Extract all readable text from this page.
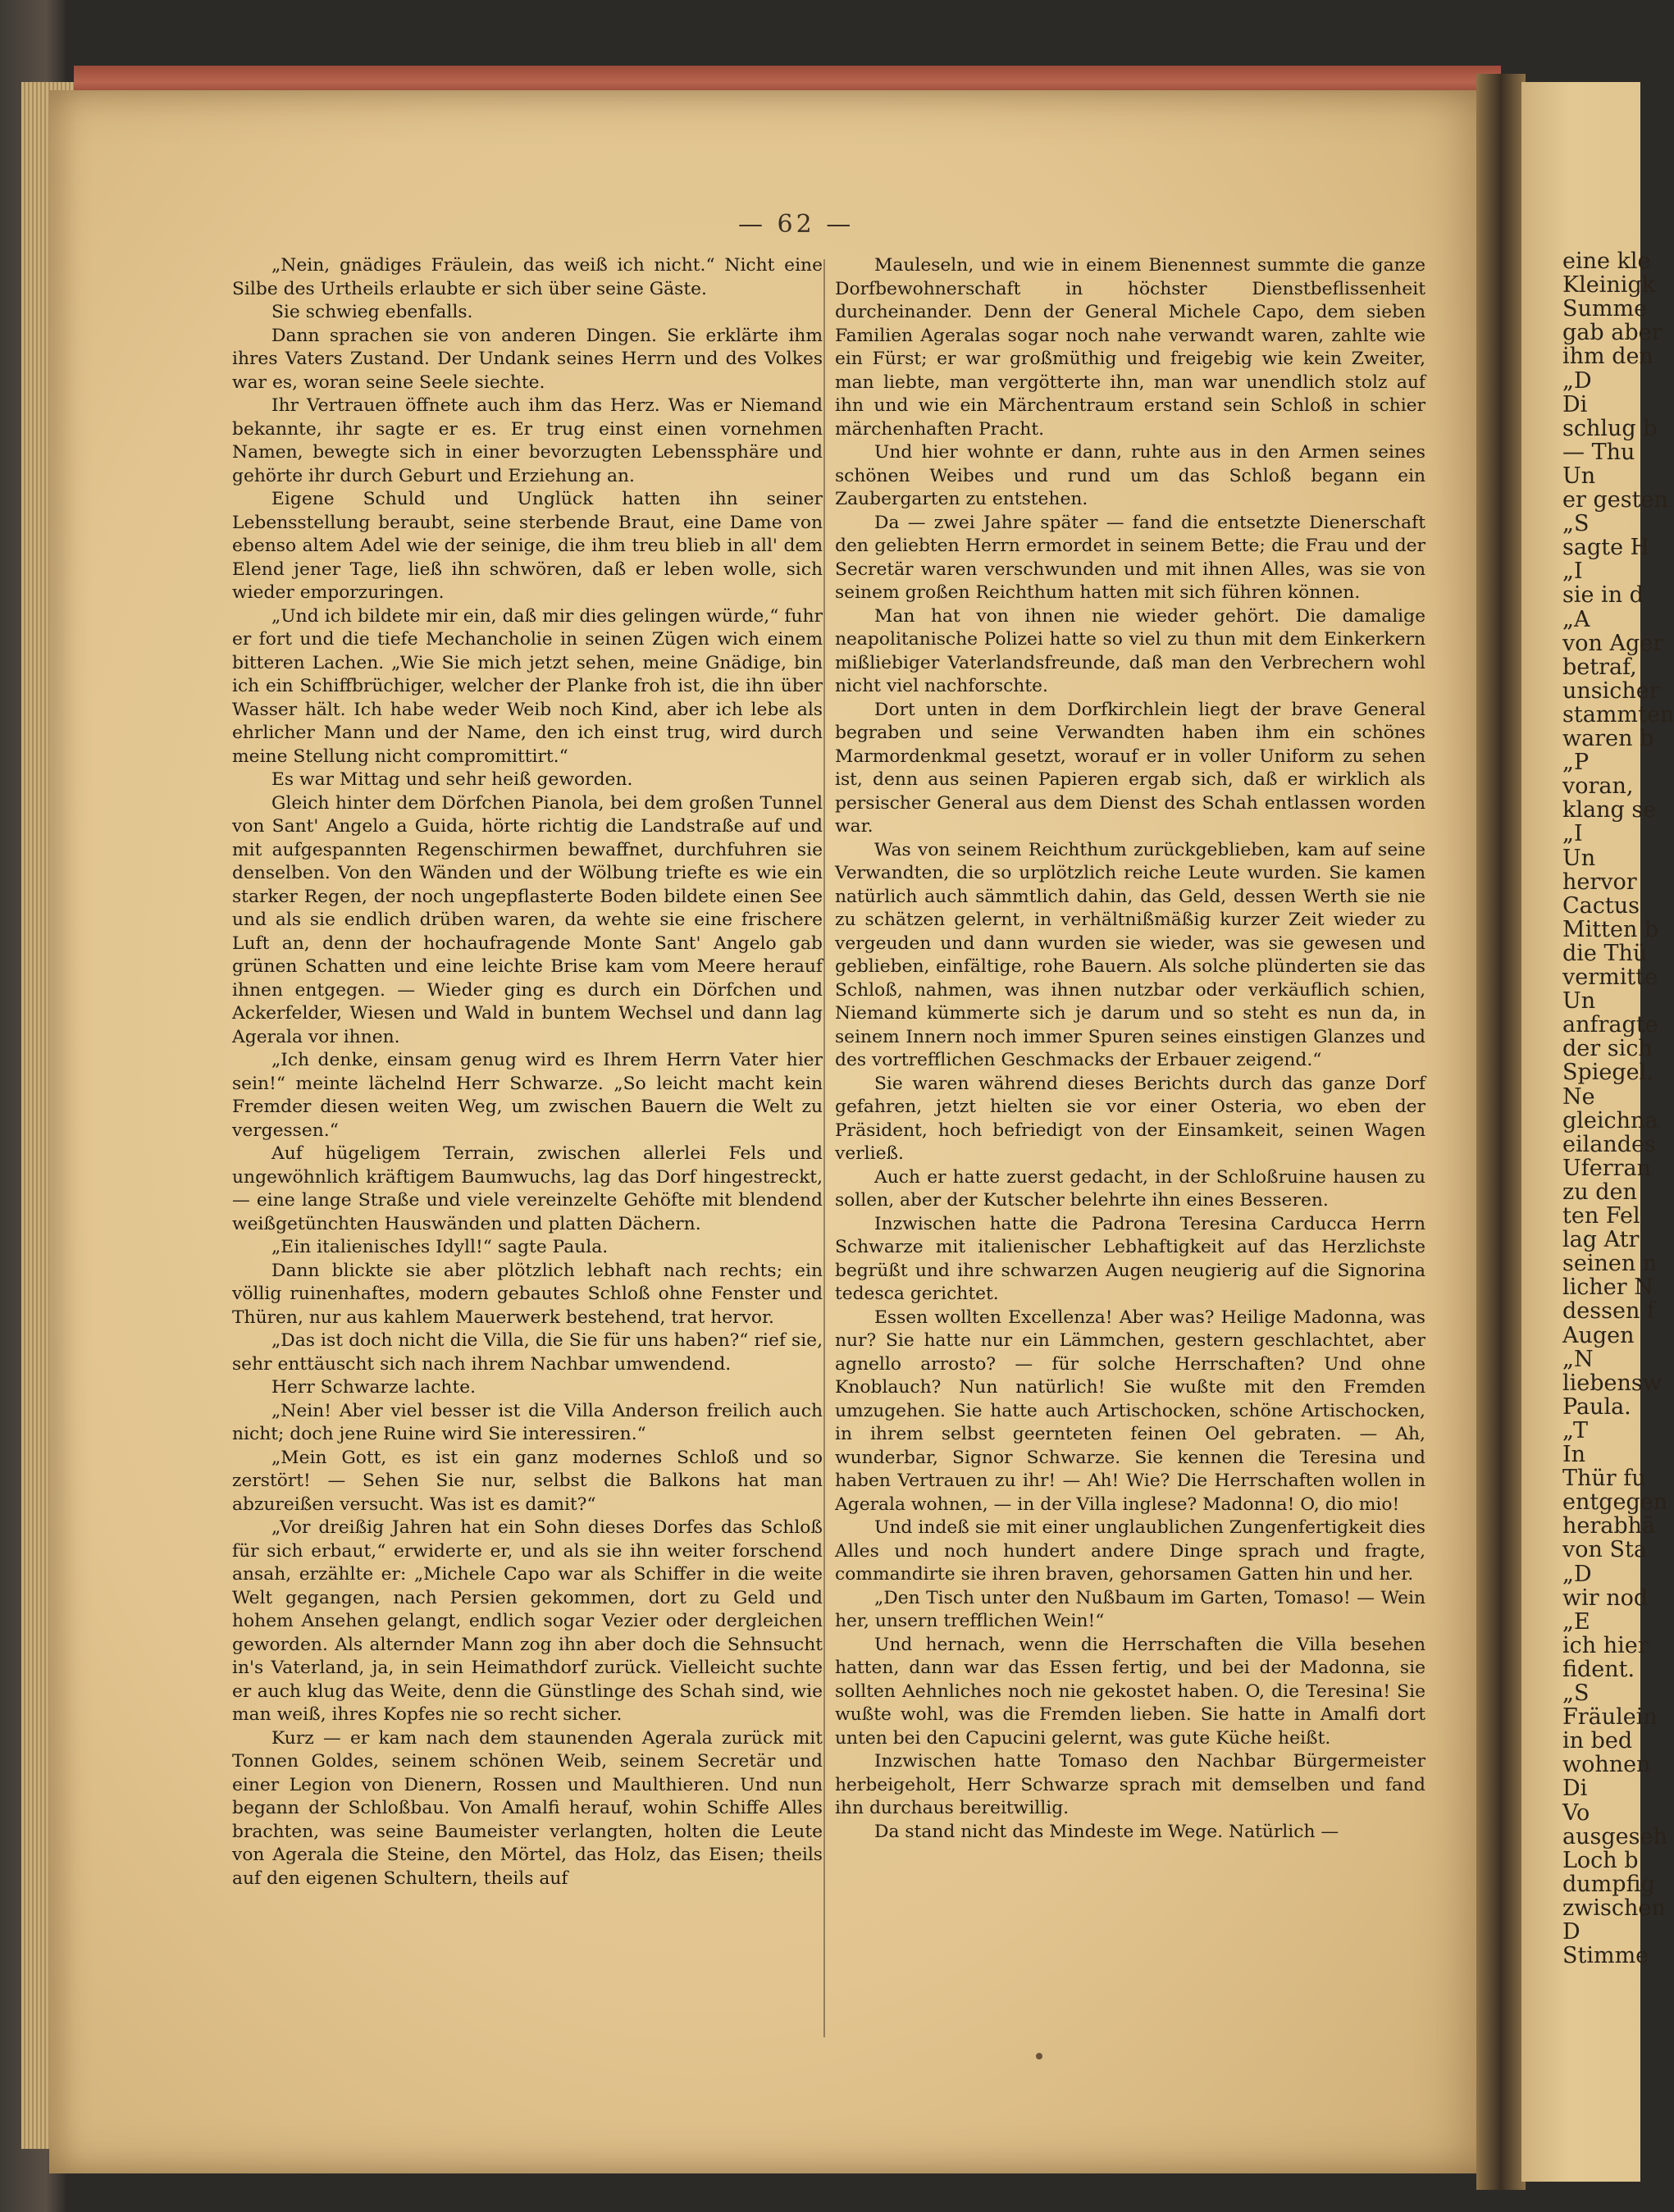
— 62 —

„Nein, gnädiges Fräulein, das weiß ich nicht.“ Nicht eine Silbe des Urtheils erlaubte er sich über seine Gäste.

Sie schwieg ebenfalls.

Dann sprachen sie von anderen Dingen. Sie erklärte ihm ihres Vaters Zustand. Der Undank seines Herrn und des Volkes war es, woran seine Seele siechte.

Ihr Vertrauen öffnete auch ihm das Herz. Was er Niemand bekannte, ihr sagte er es. Er trug einst einen vornehmen Namen, bewegte sich in einer bevorzugten Lebenssphäre und gehörte ihr durch Geburt und Erziehung an.

Eigene Schuld und Unglück hatten ihn seiner Lebensstellung beraubt, seine sterbende Braut, eine Dame von ebenso altem Adel wie der seinige, die ihm treu blieb in all' dem Elend jener Tage, ließ ihn schwören, daß er leben wolle, sich wieder emporzuringen.

„Und ich bildete mir ein, daß mir dies gelingen würde,“ fuhr er fort und die tiefe Mechancholie in seinen Zügen wich einem bitteren Lachen. „Wie Sie mich jetzt sehen, meine Gnädige, bin ich ein Schiffbrüchiger, welcher der Planke froh ist, die ihn über Wasser hält. Ich habe weder Weib noch Kind, aber ich lebe als ehrlicher Mann und der Name, den ich einst trug, wird durch meine Stellung nicht compromittirt.“

Es war Mittag und sehr heiß geworden.

Gleich hinter dem Dörfchen Pianola, bei dem großen Tunnel von Sant' Angelo a Guida, hörte richtig die Landstraße auf und mit aufgespannten Regenschirmen bewaffnet, durchfuhren sie denselben. Von den Wänden und der Wölbung triefte es wie ein starker Regen, der noch ungepflasterte Boden bildete einen See und als sie endlich drüben waren, da wehte sie eine frischere Luft an, denn der hochaufragende Monte Sant' Angelo gab grünen Schatten und eine leichte Brise kam vom Meere herauf ihnen entgegen. — Wieder ging es durch ein Dörfchen und Ackerfelder, Wiesen und Wald in buntem Wechsel und dann lag Agerala vor ihnen.

„Ich denke, einsam genug wird es Ihrem Herrn Vater hier sein!“ meinte lächelnd Herr Schwarze. „So leicht macht kein Fremder diesen weiten Weg, um zwischen Bauern die Welt zu vergessen.“

Auf hügeligem Terrain, zwischen allerlei Fels und ungewöhnlich kräftigem Baumwuchs, lag das Dorf hingestreckt, — eine lange Straße und viele vereinzelte Gehöfte mit blendend weißgetünchten Hauswänden und platten Dächern.

„Ein italienisches Idyll!“ sagte Paula.

Dann blickte sie aber plötzlich lebhaft nach rechts; ein völlig ruinenhaftes, modern gebautes Schloß ohne Fenster und Thüren, nur aus kahlem Mauerwerk bestehend, trat hervor.

„Das ist doch nicht die Villa, die Sie für uns haben?“ rief sie, sehr enttäuscht sich nach ihrem Nachbar umwendend.

Herr Schwarze lachte.

„Nein! Aber viel besser ist die Villa Anderson freilich auch nicht; doch jene Ruine wird Sie interessiren.“

„Mein Gott, es ist ein ganz modernes Schloß und so zerstört! — Sehen Sie nur, selbst die Balkons hat man abzureißen versucht. Was ist es damit?“

„Vor dreißig Jahren hat ein Sohn dieses Dorfes das Schloß für sich erbaut,“ erwiderte er, und als sie ihn weiter forschend ansah, erzählte er: „Michele Capo war als Schiffer in die weite Welt gegangen, nach Persien gekommen, dort zu Geld und hohem Ansehen gelangt, endlich sogar Vezier oder dergleichen geworden. Als alternder Mann zog ihn aber doch die Sehnsucht in's Vaterland, ja, in sein Heimathdorf zurück. Vielleicht suchte er auch klug das Weite, denn die Günstlinge des Schah sind, wie man weiß, ihres Kopfes nie so recht sicher.

Kurz — er kam nach dem staunenden Agerala zurück mit Tonnen Goldes, seinem schönen Weib, seinem Secretär und einer Legion von Dienern, Rossen und Maulthieren. Und nun begann der Schloßbau. Von Amalfi herauf, wohin Schiffe Alles brachten, was seine Baumeister verlangten, holten die Leute von Agerala die Steine, den Mörtel, das Holz, das Eisen; theils auf den eigenen Schultern, theils auf

Mauleseln, und wie in einem Bienennest summte die ganze Dorfbewohnerschaft in höchster Dienstbeflissenheit durcheinander. Denn der General Michele Capo, dem sieben Familien Ageralas sogar noch nahe verwandt waren, zahlte wie ein Fürst; er war großmüthig und freigebig wie kein Zweiter, man liebte, man vergötterte ihn, man war unendlich stolz auf ihn und wie ein Märchentraum erstand sein Schloß in schier märchenhaften Pracht.

Und hier wohnte er dann, ruhte aus in den Armen seines schönen Weibes und rund um das Schloß begann ein Zaubergarten zu entstehen.

Da — zwei Jahre später — fand die entsetzte Dienerschaft den geliebten Herrn ermordet in seinem Bette; die Frau und der Secretär waren verschwunden und mit ihnen Alles, was sie von seinem großen Reichthum hatten mit sich führen können.

Man hat von ihnen nie wieder gehört. Die damalige neapolitanische Polizei hatte so viel zu thun mit dem Einkerkern mißliebiger Vaterlandsfreunde, daß man den Verbrechern wohl nicht viel nachforschte.

Dort unten in dem Dorfkirchlein liegt der brave General begraben und seine Verwandten haben ihm ein schönes Marmordenkmal gesetzt, worauf er in voller Uniform zu sehen ist, denn aus seinen Papieren ergab sich, daß er wirklich als persischer General aus dem Dienst des Schah entlassen worden war.

Was von seinem Reichthum zurückgeblieben, kam auf seine Verwandten, die so urplötzlich reiche Leute wurden. Sie kamen natürlich auch sämmtlich dahin, das Geld, dessen Werth sie nie zu schätzen gelernt, in verhältnißmäßig kurzer Zeit wieder zu vergeuden und dann wurden sie wieder, was sie gewesen und geblieben, einfältige, rohe Bauern. Als solche plünderten sie das Schloß, nahmen, was ihnen nutzbar oder verkäuflich schien, Niemand kümmerte sich je darum und so steht es nun da, in seinem Innern noch immer Spuren seines einstigen Glanzes und des vortrefflichen Geschmacks der Erbauer zeigend.“

Sie waren während dieses Berichts durch das ganze Dorf gefahren, jetzt hielten sie vor einer Osteria, wo eben der Präsident, hoch befriedigt von der Einsamkeit, seinen Wagen verließ.

Auch er hatte zuerst gedacht, in der Schloßruine hausen zu sollen, aber der Kutscher belehrte ihn eines Besseren.

Inzwischen hatte die Padrona Teresina Carducca Herrn Schwarze mit italienischer Lebhaftigkeit auf das Herzlichste begrüßt und ihre schwarzen Augen neugierig auf die Signorina tedesca gerichtet.

Essen wollten Excellenza! Aber was? Heilige Madonna, was nur? Sie hatte nur ein Lämmchen, gestern geschlachtet, aber agnello arrosto? — für solche Herrschaften? Und ohne Knoblauch? Nun natürlich! Sie wußte mit den Fremden umzugehen. Sie hatte auch Artischocken, schöne Artischocken, in ihrem selbst geernteten feinen Oel gebraten. — Ah, wunderbar, Signor Schwarze. Sie kennen die Teresina und haben Vertrauen zu ihr! — Ah! Wie? Die Herrschaften wollen in Agerala wohnen, — in der Villa inglese? Madonna! O, dio mio!

Und indeß sie mit einer unglaublichen Zungenfertigkeit dies Alles und noch hundert andere Dinge sprach und fragte, commandirte sie ihren braven, gehorsamen Gatten hin und her.

„Den Tisch unter den Nußbaum im Garten, Tomaso! — Wein her, unsern trefflichen Wein!“

Und hernach, wenn die Herrschaften die Villa besehen hatten, dann war das Essen fertig, und bei der Madonna, sie sollten Aehnliches noch nie gekostet haben. O, die Teresina! Sie wußte wohl, was die Fremden lieben. Sie hatte in Amalfi dort unten bei den Capucini gelernt, was gute Küche heißt.

Inzwischen hatte Tomaso den Nachbar Bürgermeister herbeigeholt, Herr Schwarze sprach mit demselben und fand ihn durchaus bereitwillig.

Da stand nicht das Mindeste im Wege. Natürlich —

eine kle
Kleinigk
Summe
gab aber
ihm den
„D
Di
schlug b
— Thu
Un
er gesten
„S
sagte H
„I
sie in d
„A
von Ager
betraf,
unsicher
stammten
waren b
„P
voran,
klang se
„I
Un
hervor
Cactus
Mitten b
die Thü
vermitte
Un
anfragte
der sich
Spiegel.
Ne
gleichna
eilandes
Uferran
zu den
ten Fel
lag Atr
seinen n
licher N
dessen f
Augen
„N
liebensw
Paula.
„T
In
Thür fu
entgegen
herabhä
von Sta
„D
wir nod
„E
ich hier
fident.
„S
Fräulein
in bed
wohnen
Di
Vo
ausgeseh
Loch b
dumpfig
zwischen
D
Stimme
